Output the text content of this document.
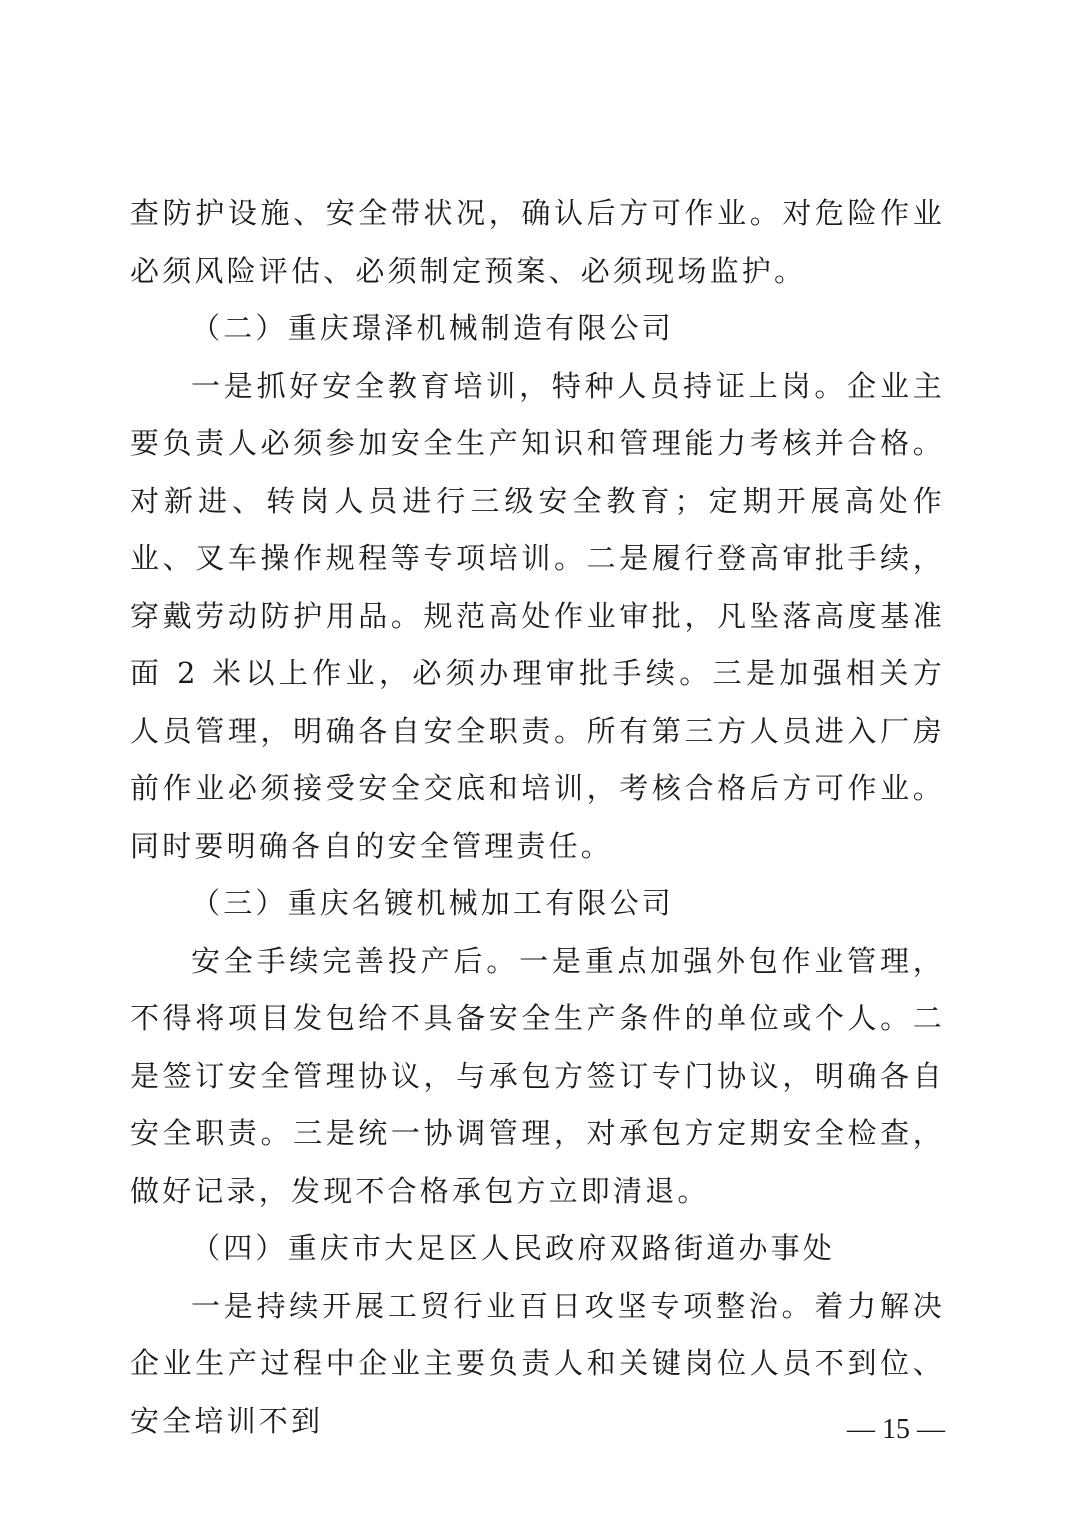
查防护设施、安全带状况，确认后方可作业。对危险作业必须风险评估、必须制定预案、必须现场监护。

（二）重庆璟泽机械制造有限公司

一是抓好安全教育培训，特种人员持证上岗。企业主要负责人必须参加安全生产知识和管理能力考核并合格。对新进、转岗人员进行三级安全教育；定期开展高处作业、叉车操作规程等专项培训。二是履行登高审批手续，穿戴劳动防护用品。规范高处作业审批，凡坠落高度基准面 2 米以上作业，必须办理审批手续。三是加强相关方人员管理，明确各自安全职责。所有第三方人员进入厂房前作业必须接受安全交底和培训，考核合格后方可作业。同时要明确各自的安全管理责任。

（三）重庆名镀机械加工有限公司

安全手续完善投产后。一是重点加强外包作业管理，不得将项目发包给不具备安全生产条件的单位或个人。二是签订安全管理协议，与承包方签订专门协议，明确各自安全职责。三是统一协调管理，对承包方定期安全检查，做好记录，发现不合格承包方立即清退。

（四）重庆市大足区人民政府双路街道办事处

一是持续开展工贸行业百日攻坚专项整治。着力解决企业生产过程中企业主要负责人和关键岗位人员不到位、安全培训不到	— 15 —
